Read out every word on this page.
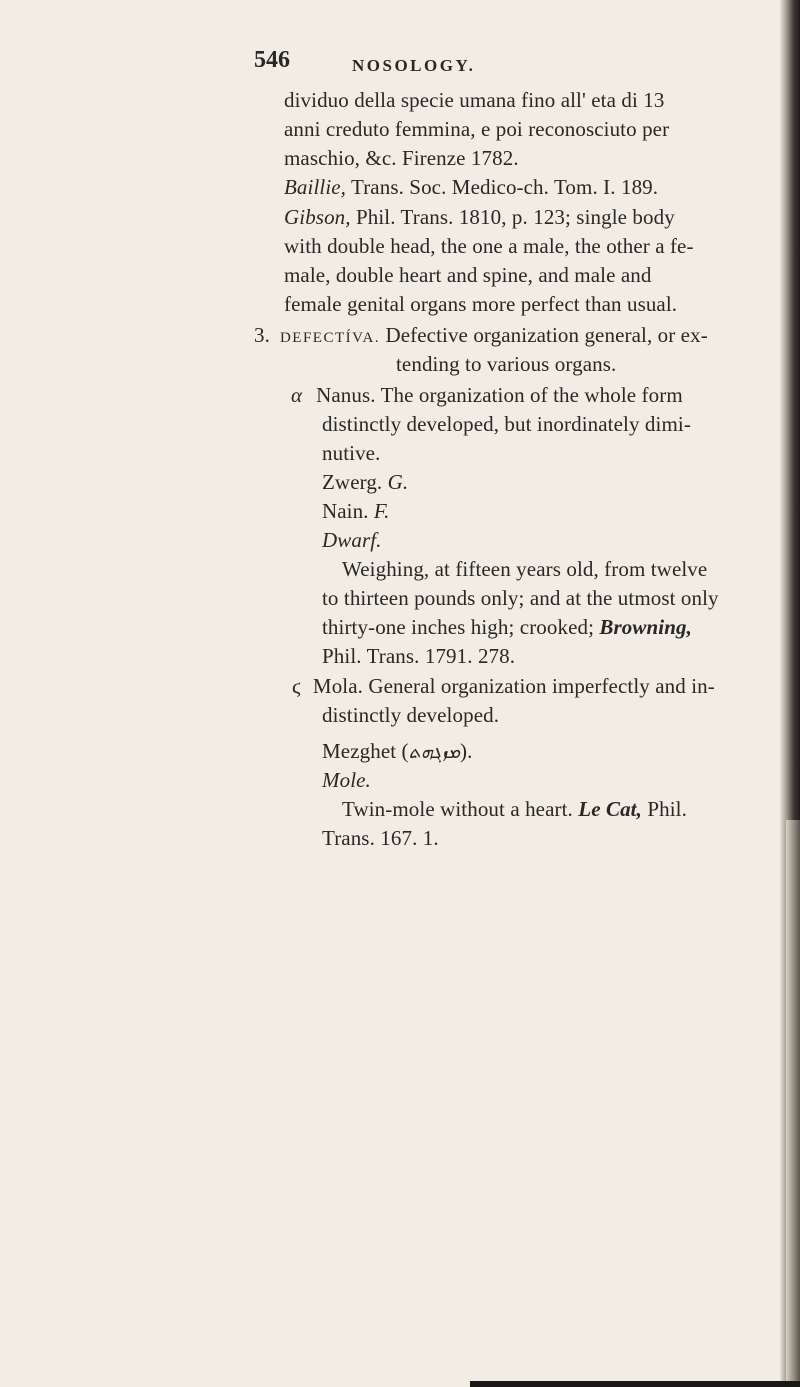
546	NOSOLOGY.
dividuo della specie umana fino all' eta di 13
anni creduto femmina, e poi reconosciuto per
maschio, &c. Firenze 1782.
Baillie, Trans. Soc. Medico-ch. Tom. I. 189.
Gibson, Phil. Trans. 1810, p. 123; single body
with double head, the one a male, the other a fe-
male, double heart and spine, and male and
female genital organs more perfect than usual.
3. DEFECTÍVA. Defective organization general, or ex-
tending to various organs.
α Nanus. The organization of the whole form
distinctly developed, but inordinately dimi-
nutive.
Zwerg. G.
Nain. F.
Dwarf.
Weighing, at fifteen years old, from twelve
to thirteen pounds only; and at the utmost only
thirty-one inches high; crooked; Browning,
Phil. Trans. 1791. 278.
ϛ Mola. General organization imperfectly and in-
distinctly developed.
Mezghet (ܡܙܓܗܬ).
Mole.
Twin-mole without a heart. Le Cat, Phil.
Trans. 167. 1.
